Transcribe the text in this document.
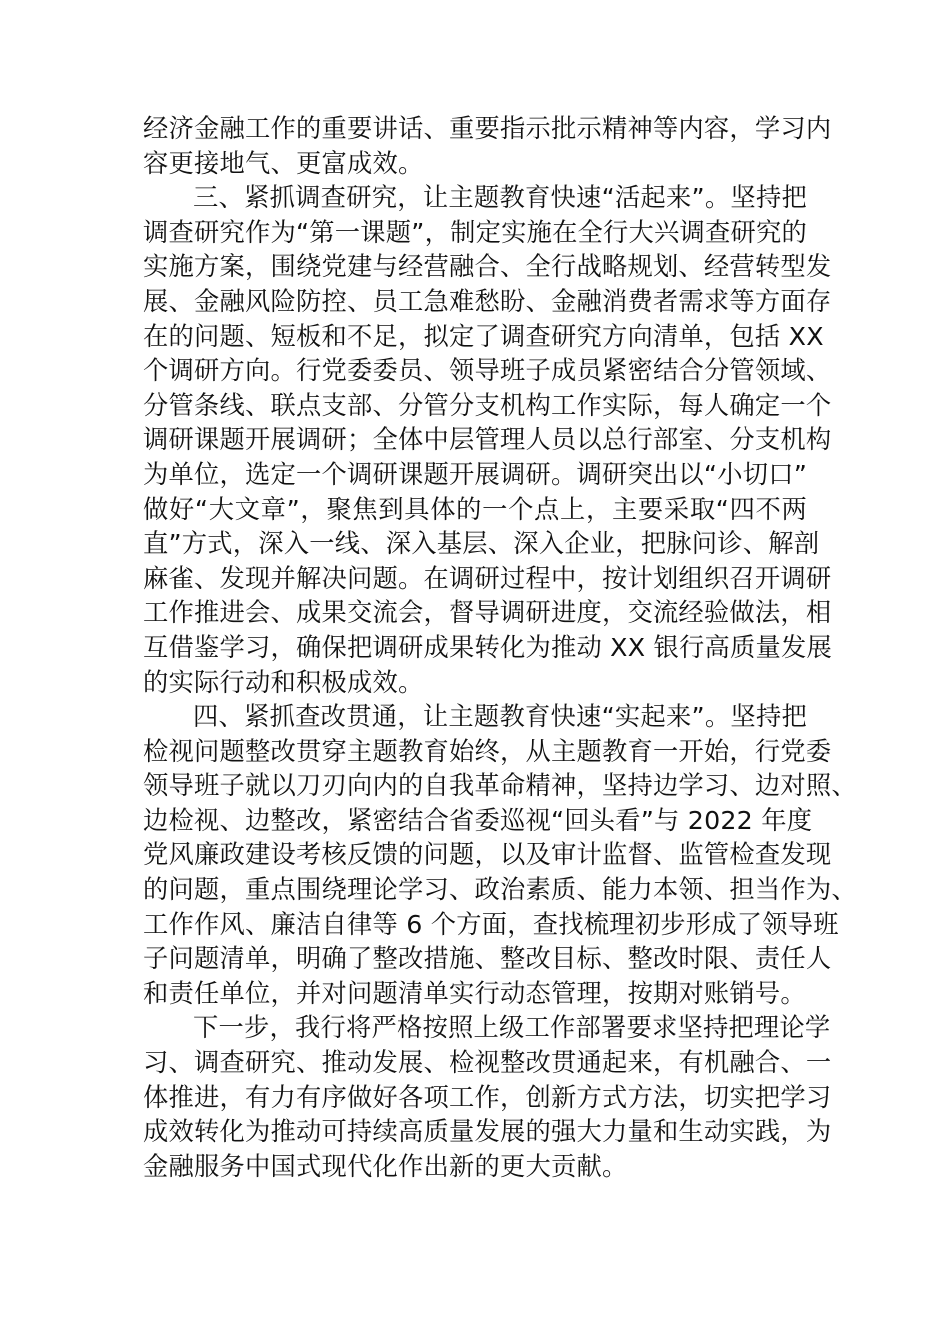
经济金融工作的重要讲话、重要指示批示精神等内容，学习内
容更接地气、更富成效。

三、紧抓调查研究，让主题教育快速“活起来”。坚持把
调查研究作为“第一课题”，制定实施在全行大兴调查研究的
实施方案，围绕党建与经营融合、全行战略规划、经营转型发
展、金融风险防控、员工急难愁盼、金融消费者需求等方面存
在的问题、短板和不足，拟定了调查研究方向清单，包括 XX
个调研方向。行党委委员、领导班子成员紧密结合分管领域、
分管条线、联点支部、分管分支机构工作实际，每人确定一个
调研课题开展调研；全体中层管理人员以总行部室、分支机构
为单位，选定一个调研课题开展调研。调研突出以“小切口”
做好“大文章”，聚焦到具体的一个点上，主要采取“四不两
直”方式，深入一线、深入基层、深入企业，把脉问诊、解剖
麻雀、发现并解决问题。在调研过程中，按计划组织召开调研
工作推进会、成果交流会，督导调研进度，交流经验做法，相
互借鉴学习，确保把调研成果转化为推动 XX 银行高质量发展
的实际行动和积极成效。

四、紧抓查改贯通，让主题教育快速“实起来”。坚持把
检视问题整改贯穿主题教育始终，从主题教育一开始，行党委
领导班子就以刀刃向内的自我革命精神，坚持边学习、边对照、
边检视、边整改，紧密结合省委巡视“回头看”与 2022 年度
党风廉政建设考核反馈的问题，以及审计监督、监管检查发现
的问题，重点围绕理论学习、政治素质、能力本领、担当作为、
工作作风、廉洁自律等 6 个方面，查找梳理初步形成了领导班
子问题清单，明确了整改措施、整改目标、整改时限、责任人
和责任单位，并对问题清单实行动态管理，按期对账销号。

下一步，我行将严格按照上级工作部署要求坚持把理论学
习、调查研究、推动发展、检视整改贯通起来，有机融合、一
体推进，有力有序做好各项工作，创新方式方法，切实把学习
成效转化为推动可持续高质量发展的强大力量和生动实践，为
金融服务中国式现代化作出新的更大贡献。
